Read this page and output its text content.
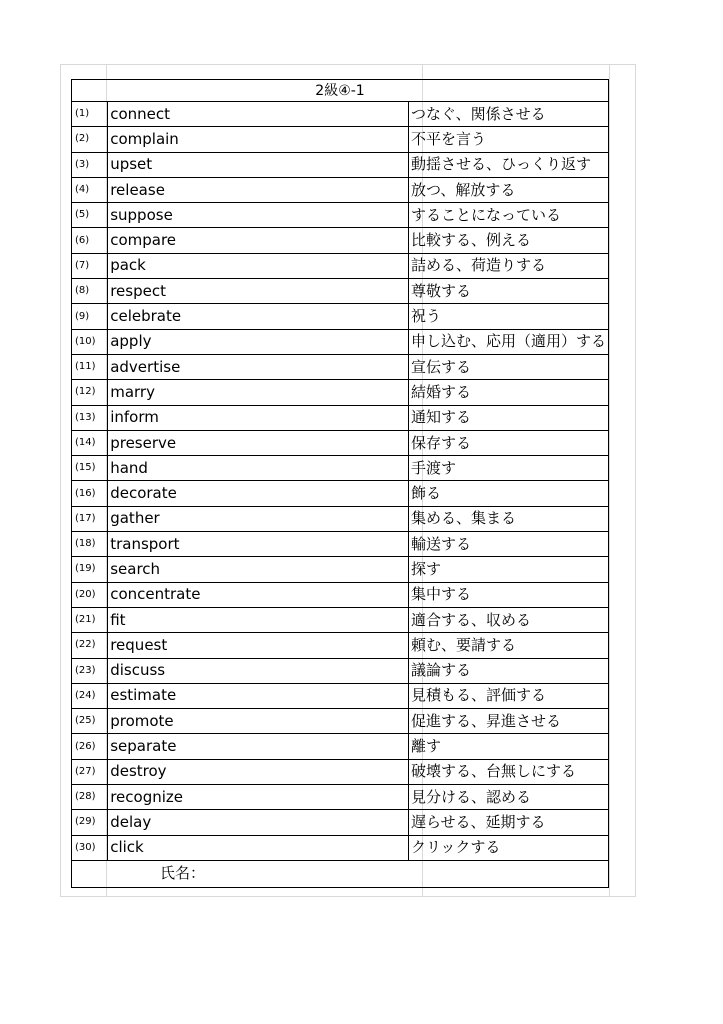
2級④-1		
(1)	connect	つなぐ、関係させる
(2)	complain	不平を言う
(3)	upset	動揺させる、ひっくり返す
(4)	release	放つ、解放する
(5)	suppose	することになっている
(6)	compare	比較する、例える
(7)	pack	詰める、荷造りする
(8)	respect	尊敬する
(9)	celebrate	祝う
(10)	apply	申し込む、応用（適用）する
(11)	advertise	宣伝する
(12)	marry	結婚する
(13)	inform	通知する
(14)	preserve	保存する
(15)	hand	手渡す
(16)	decorate	飾る
(17)	gather	集める、集まる
(18)	transport	輸送する
(19)	search	探す
(20)	concentrate	集中する
(21)	fit	適合する、収める
(22)	request	頼む、要請する
(23)	discuss	議論する
(24)	estimate	見積もる、評価する
(25)	promote	促進する、昇進させる
(26)	separate	離す
(27)	destroy	破壊する、台無しにする
(28)	recognize	見分ける、認める
(29)	delay	遅らせる、延期する
(30)	click	クリックする
氏名：		
